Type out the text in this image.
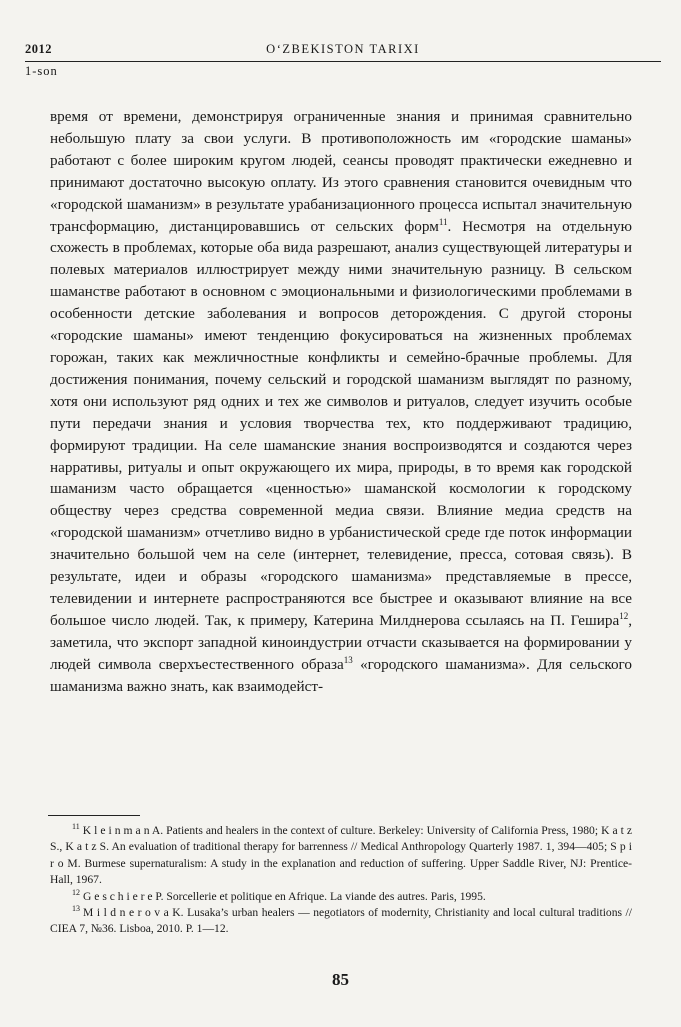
2012	O‘ZBEKISTON TARIXI
1-son

время от времени, демонстрируя ограниченные знания и принимая сравнительно небольшую плату за свои услуги. В противоположность им «городские шаманы» работают с более широким кругом людей, сеансы проводят практически ежедневно и принимают достаточно высокую оплату. Из этого сравнения становится очевидным что «городской шаманизм» в результате урабанизационного процесса испытал значительную трансформацию, дистанцировавшись от сельских форм$^{11}$. Несмотря на отдельную схожесть в проблемах, которые оба вида разрешают, анализ существующей литературы и полевых материалов иллюстрирует между ними значительную разницу. В сельском шаманстве работают в основном с эмоциональными и физиологическими проблемами в особенности детские заболевания и вопросов деторождения. С другой стороны «городские шаманы» имеют тенденцию фокусироваться на жизненных проблемах горожан, таких как межличностные конфликты и семейно-брачные проблемы. Для достижения понимания, почему сельский и городской шаманизм выглядят по разному, хотя они используют ряд одних и тех же символов и ритуалов, следует изучить особые пути передачи знания и условия творчества тех, кто поддерживают традицию, формируют традиции. На селе шаманские знания воспроизводятся и создаются через нарративы, ритуалы и опыт окружающего их мира, природы, в то время как городской шаманизм часто обращается «ценностью» шаманской космологии к городскому обществу через средства современной медиа связи. Влияние медиа средств на «городской шаманизм» отчетливо видно в урбанистической среде где поток информации значительно большой чем на селе (интернет, телевидение, пресса, сотовая связь). В результате, идеи и образы «городского шаманизма» представляемые в прессе, телевидении и интернете распространяются все быстрее и оказывают влияние на все большое число людей. Так, к примеру, Катерина Милднерова ссылаясь на П. Гешира$^{12}$, заметила, что экспорт западной киноиндустрии отчасти сказывается на формировании у людей символа сверхъестественного образа$^{13}$ «городского шаманизма». Для сельского шаманизма важно знать, как взаимодейст-

$^{11}$ K l e i n m a n A. Patients and healers in the context of culture. Berkeley: University of California Press, 1980; K a t z S., K a t z S. An evaluation of traditional therapy for barrenness // Medical Anthropology Quarterly 1987. 1, 394—405; S p i r o M. Burmese supernaturalism: A study in the explanation and reduction of suffering. Upper Saddle River, NJ: Prentice-Hall, 1967.

$^{12}$ G e s c h i e r e P. Sorcellerie et politique en Afrique. La viande des autres. Paris, 1995.

$^{13}$ M i l d n e r o v a K. Lusaka’s urban healers — negotiators of modernity, Christianity and local cultural traditions // CIEA 7, №36. Lisboa, 2010. P. 1—12.

85
